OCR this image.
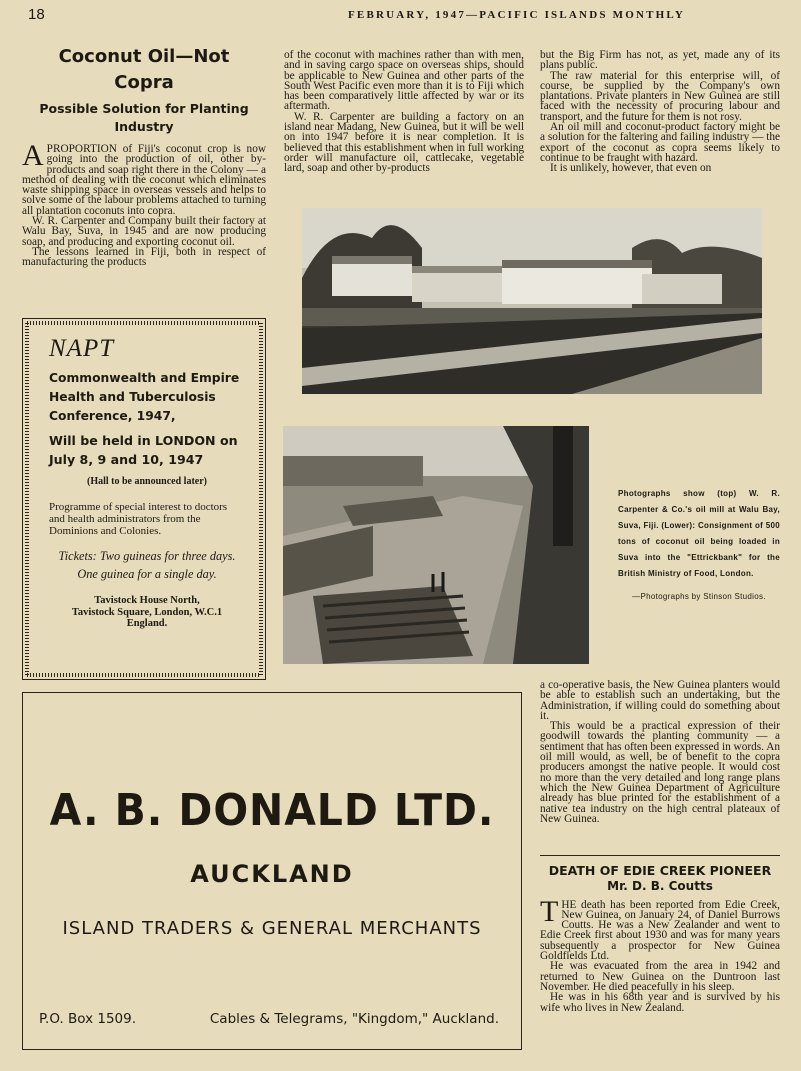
18	FEBRUARY, 1947—PACIFIC ISLANDS MONTHLY
Coconut Oil—Not
Copra
Possible Solution for Planting Industry

APROPORTION of Fiji's coconut crop is now going into the production of oil, other by-products and soap right there in the Colony — a method of dealing with the coconut which eliminates waste shipping space in overseas vessels and helps to solve some of the labour problems attached to turning all plantation coconuts into copra.

W. R. Carpenter and Company built their factory at Walu Bay, Suva, in 1945 and are now producing soap, and producing and exporting coconut oil.

The lessons learned in Fiji, both in respect of manufacturing the products

of the coconut with machines rather than with men, and in saving cargo space on overseas ships, should be applicable to New Guinea and other parts of the South West Pacific even more than it is to Fiji which has been comparatively little affected by war or its aftermath.

W. R. Carpenter are building a factory on an island near Madang, New Guinea, but it will be well on into 1947 before it is near completion. It is believed that this establishment when in full working order will manufacture oil, cattlecake, vegetable lard, soap and other by-products

but the Big Firm has not, as yet, made any of its plans public.

The raw material for this enterprise will, of course, be supplied by the Company's own plantations. Private planters in New Guinea are still faced with the necessity of procuring labour and transport, and the future for them is not rosy.

An oil mill and coconut-product factory might be a solution for the faltering and failing industry — the export of the coconut as copra seems likely to continue to be fraught with hazard.

It is unlikely, however, that even on

NAPT
Commonwealth and Empire Health and Tuberculosis Conference, 1947,
Will be held in LONDON on July 8, 9 and 10, 1947
(Hall to be announced later)
Programme of special interest to doctors and health administrators from the Dominions and Colonies.
Tickets: Two guineas for three days.
One guinea for a single day.
Tavistock House North,
Tavistock Square, London, W.C.1
England.
Photographs show (top) W. R. Carpenter & Co.'s oil mill at Walu Bay, Suva, Fiji. (Lower): Consignment of 500 tons of coconut oil being loaded in Suva into the "Ettrickbank" for the British Ministry of Food, London.
—Photographs by Stinson Studios.

a co-operative basis, the New Guinea planters would be able to establish such an undertaking, but the Administration, if willing could do something about it.

This would be a practical expression of their goodwill towards the planting community — a sentiment that has often been expressed in words. An oil mill would, as well, be of benefit to the copra producers amongst the native people. It would cost no more than the very detailed and long range plans which the New Guinea Department of Agriculture already has blue printed for the establishment of a native tea industry on the high central plateaux of New Guinea.

A. B. DONALD LTD.
AUCKLAND
ISLAND TRADERS & GENERAL MERCHANTS
P.O. Box 1509.	Cables & Telegrams, "Kingdom," Auckland.
DEATH OF EDIE CREEK PIONEER
Mr. D. B. Coutts

THE death has been reported from Edie Creek, New Guinea, on January 24, of Daniel Burrows Coutts. He was a New Zealander and went to Edie Creek first about 1930 and was for many years subsequently a prospector for New Guinea Goldfields Ltd.

He was evacuated from the area in 1942 and returned to New Guinea on the Duntroon last November. He died peacefully in his sleep.

He was in his 68th year and is survived by his wife who lives in New Zealand.
